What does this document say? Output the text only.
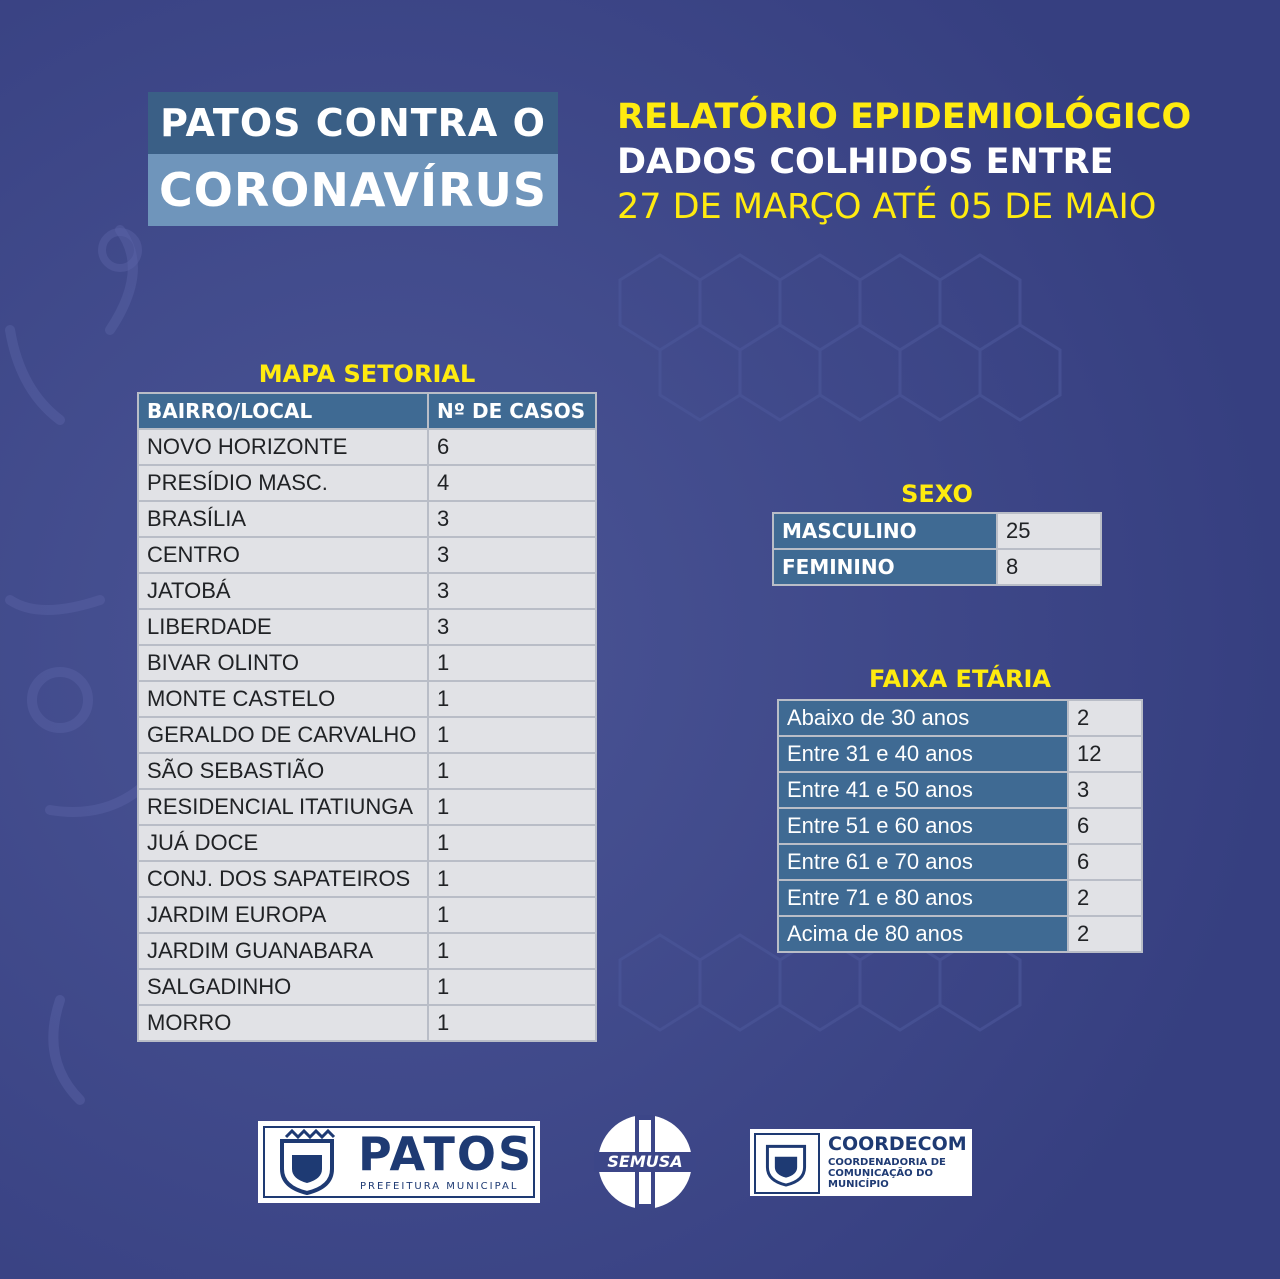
PATOS CONTRA O
CORONAVÍRUS
RELATÓRIO EPIDEMIOLÓGICO
DADOS COLHIDOS ENTRE
27 DE MARÇO ATÉ 05 DE MAIO
MAPA SETORIAL
BAIRRO/LOCAL	Nº DE CASOS
NOVO HORIZONTE	6
PRESÍDIO MASC.	4
BRASÍLIA	3
CENTRO	3
JATOBÁ	3
LIBERDADE	3
BIVAR OLINTO	1
MONTE CASTELO	1
GERALDO DE CARVALHO	1
SÃO SEBASTIÃO	1
RESIDENCIAL ITATIUNGA	1
JUÁ DOCE	1
CONJ. DOS SAPATEIROS	1
JARDIM EUROPA	1
JARDIM GUANABARA	1
SALGADINHO	1
MORRO	1
SEXO
MASCULINO	25
FEMININO	8
FAIXA ETÁRIA
Abaixo de 30 anos	2
Entre 31 e 40 anos	12
Entre 41 e 50 anos	3
Entre 51 e 60 anos	6
Entre 61 e 70 anos	6
Entre 71 e 80 anos	2
Acima de 80 anos	2
PATOS
PREFEITURA MUNICIPAL
SEMUSA
COORDECOM
COORDENADORIA DE
COMUNICAÇÃO DO
MUNICÍPIO
